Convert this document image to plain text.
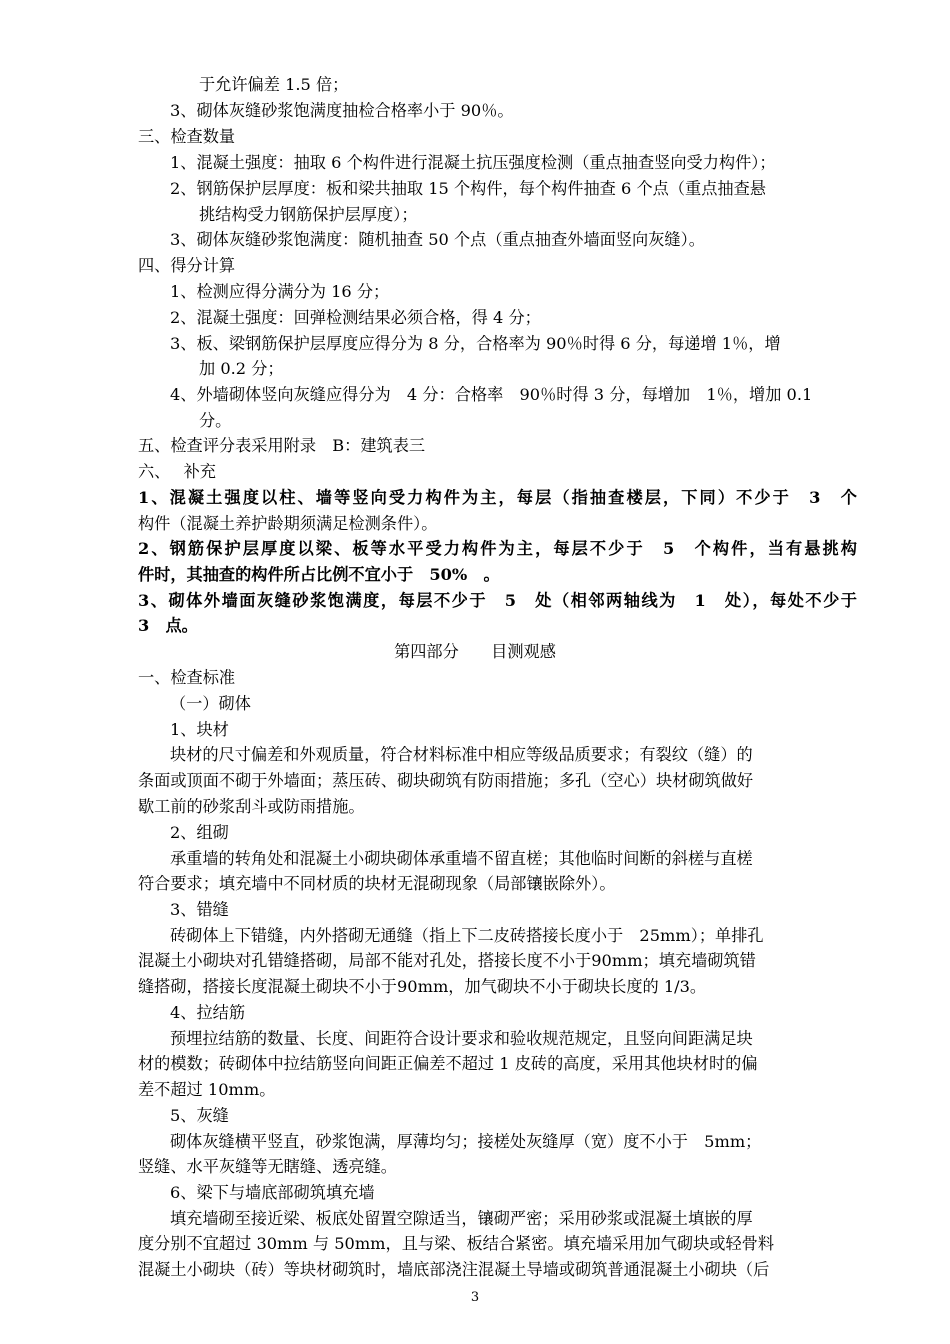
于允许偏差 1.5 倍；
3、砌体灰缝砂浆饱满度抽检合格率小于 90％。
三、检查数量
1、混凝土强度：抽取 6 个构件进行混凝土抗压强度检测（重点抽查竖向受力构件）；
2、钢筋保护层厚度：板和梁共抽取 15 个构件，每个构件抽查 6 个点（重点抽查悬
挑结构受力钢筋保护层厚度）；
3、砌体灰缝砂浆饱满度：随机抽查 50 个点（重点抽查外墙面竖向灰缝）。
四、得分计算
1、检测应得分满分为 16 分；
2、混凝土强度：回弹检测结果必须合格，得 4 分；
3、板、梁钢筋保护层厚度应得分为 8 分，合格率为 90％时得 6 分，每递增 1％，增
加 0.2 分；
4、外墙砌体竖向灰缝应得分为　4 分：合格率　90％时得 3 分，每增加　1％，增加 0.1
分。
五、检查评分表采用附录　B：建筑表三
六、　 补充
1、混凝土强度以柱、墙等竖向受力构件为主，每层（指抽查楼层，下同）不少于　3　个
构件（混凝土养护龄期须满足检测条件）。
2、钢筋保护层厚度以梁、板等水平受力构件为主，每层不少于　5　个构件，当有悬挑构
件时，其抽查的构件所占比例不宜小于　50%　。
3、砌体外墙面灰缝砂浆饱满度，每层不少于　5　处（相邻两轴线为　1　处），每处不少于
3　点。
第四部分　　目测观感
一、检查标准
（一）砌体
1、块材
块材的尺寸偏差和外观质量，符合材料标准中相应等级品质要求；有裂纹（缝）的
条面或顶面不砌于外墙面；蒸压砖、砌块砌筑有防雨措施；多孔（空心）块材砌筑做好
歇工前的砂浆刮斗或防雨措施。
2、组砌
承重墙的转角处和混凝土小砌块砌体承重墙不留直槎；其他临时间断的斜槎与直槎
符合要求；填充墙中不同材质的块材无混砌现象（局部镶嵌除外）。
3、错缝
砖砌体上下错缝，内外搭砌无通缝（指上下二皮砖搭接长度小于　25mm）；单排孔
混凝土小砌块对孔错缝搭砌，局部不能对孔处，搭接长度不小于90mm；填充墙砌筑错
缝搭砌，搭接长度混凝土砌块不小于90mm，加气砌块不小于砌块长度的 1/3。
4、拉结筋
预埋拉结筋的数量、长度、间距符合设计要求和验收规范规定，且竖向间距满足块
材的模数；砖砌体中拉结筋竖向间距正偏差不超过 1 皮砖的高度，采用其他块材时的偏
差不超过 10mm。
5、灰缝
砌体灰缝横平竖直，砂浆饱满，厚薄均匀；接槎处灰缝厚（宽）度不小于　5mm；
竖缝、水平灰缝等无瞎缝、透亮缝。
6、梁下与墙底部砌筑填充墙
填充墙砌至接近梁、板底处留置空隙适当，镶砌严密；采用砂浆或混凝土填嵌的厚
度分别不宜超过 30mm 与 50mm，且与梁、板结合紧密。填充墙采用加气砌块或轻骨料
混凝土小砌块（砖）等块材砌筑时，墙底部浇注混凝土导墙或砌筑普通混凝土小砌块（后
3
